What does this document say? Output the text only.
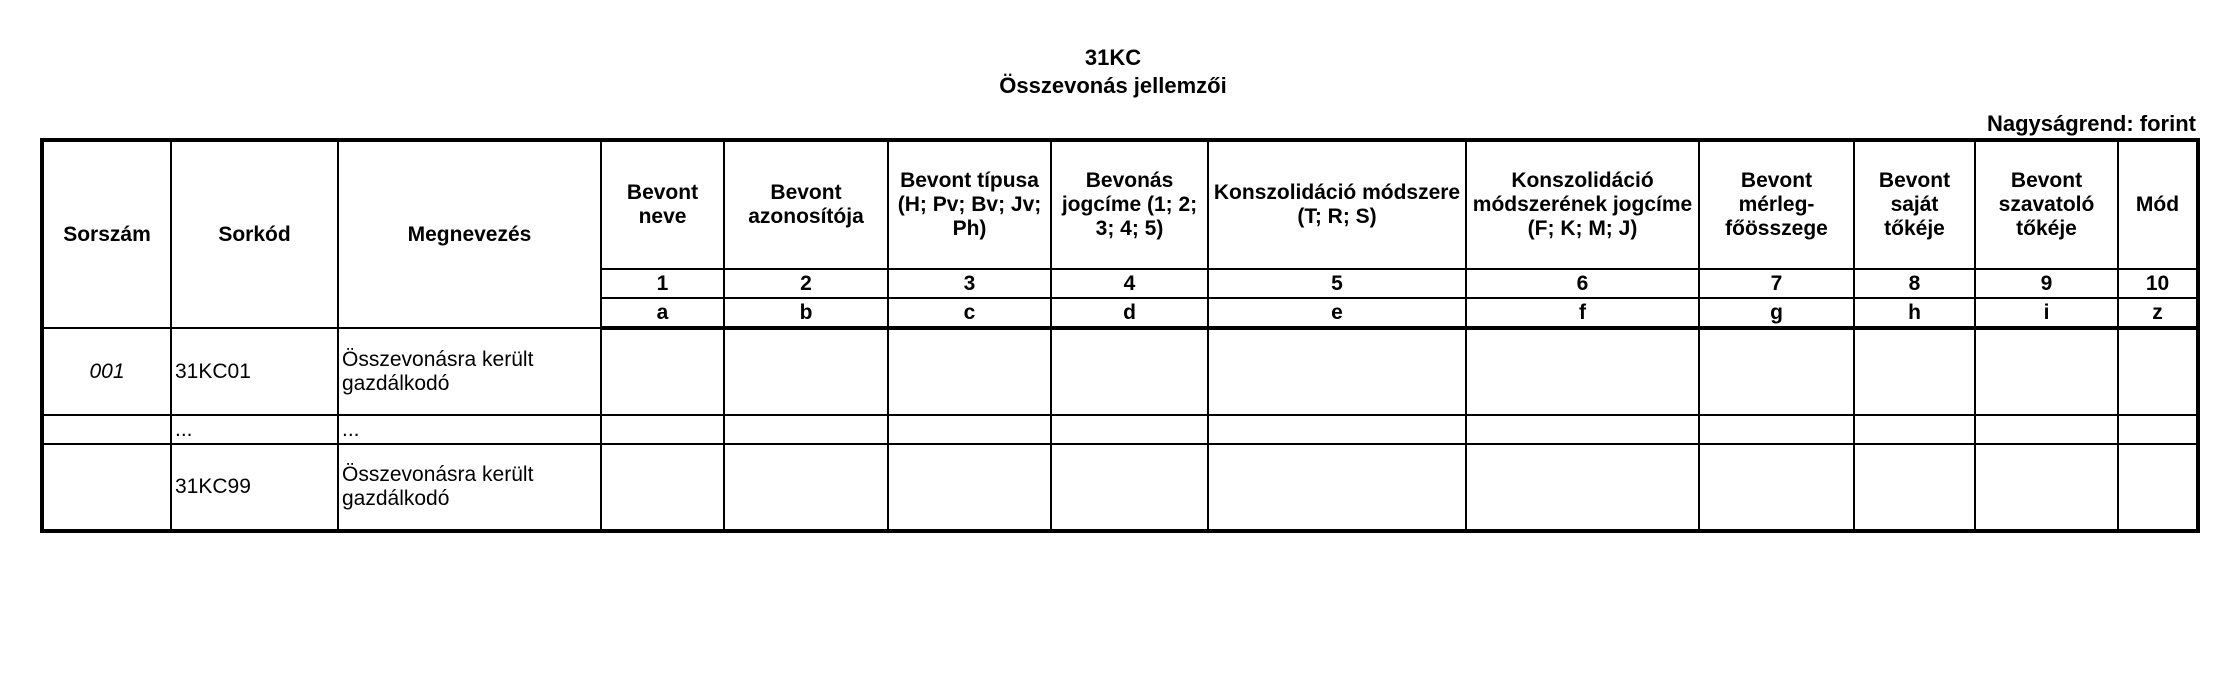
31KC
Összevonás jellemzői
Nagyságrend: forint
Sorszám	Sorkód	Megnevezés	Bevont neve	Bevont azonosítója	Bevont típusa (H; Pv; Bv; Jv; Ph)	Bevonás jogcíme (1; 2; 3; 4; 5)	Konszolidáció módszere (T; R; S)	Konszolidáció módszerének jogcíme (F; K; M; J)	Bevont mérleg-főösszege	Bevont saját tőkéje	Bevont szavatoló tőkéje	Mód
			1	2	3	4	5	6	7	8	9	10
			a	b	c	d	e	f	g	h	i	z
001	31KC01	Összevonásra került gazdálkodó										
	...	...										
	31KC99	Összevonásra került gazdálkodó										
